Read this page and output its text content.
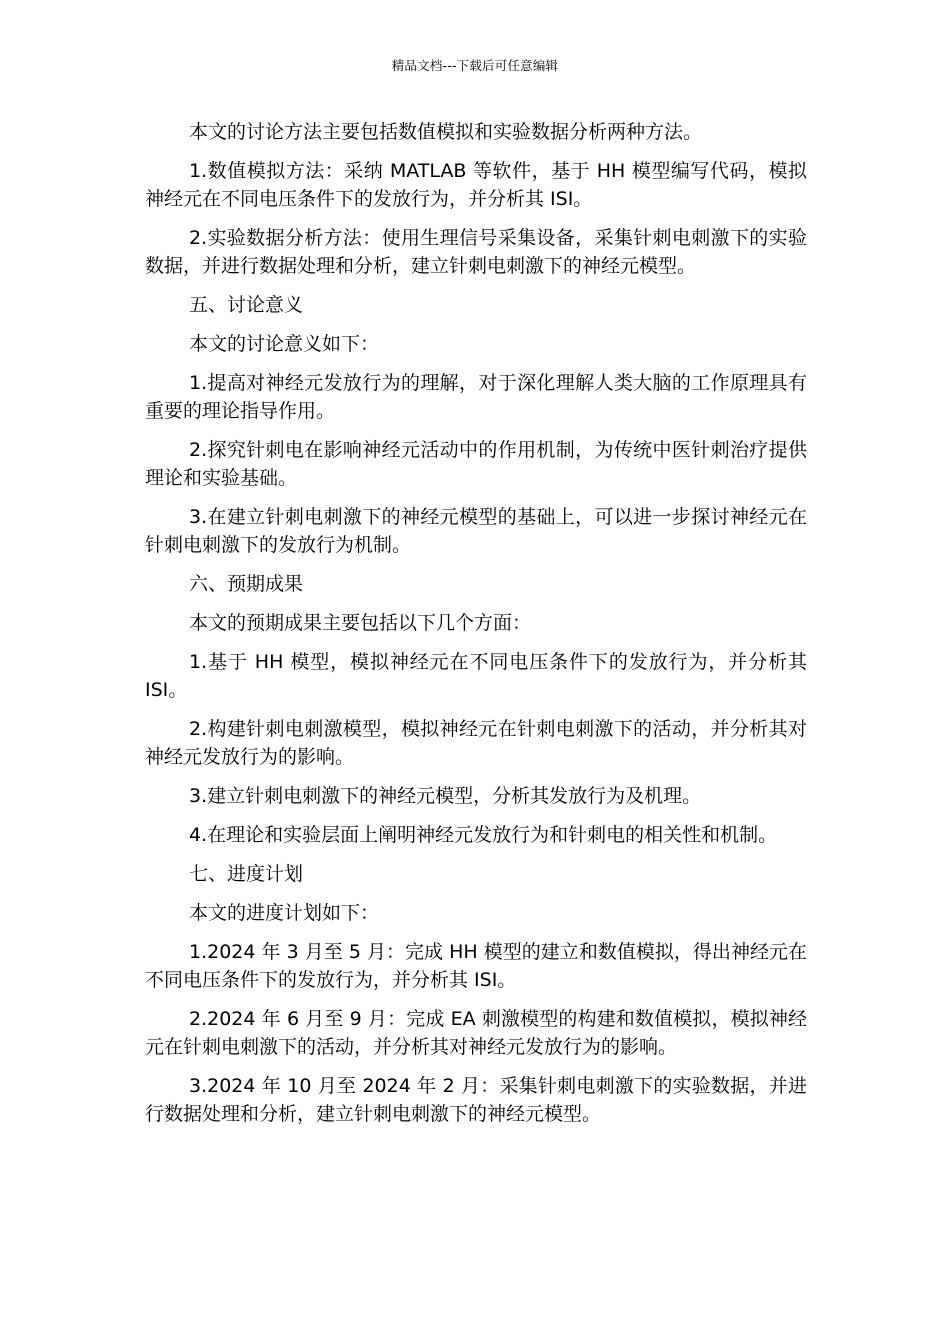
精品文档---下载后可任意编辑

本文的讨论方法主要包括数值模拟和实验数据分析两种方法。

1.数值模拟方法：采纳 MATLAB 等软件，基于 HH 模型编写代码，模拟神经元在不同电压条件下的发放行为，并分析其 ISI。

2.实验数据分析方法：使用生理信号采集设备，采集针刺电刺激下的实验数据，并进行数据处理和分析，建立针刺电刺激下的神经元模型。

五、讨论意义

本文的讨论意义如下：

1.提高对神经元发放行为的理解，对于深化理解人类大脑的工作原理具有重要的理论指导作用。

2.探究针刺电在影响神经元活动中的作用机制，为传统中医针刺治疗提供理论和实验基础。

3.在建立针刺电刺激下的神经元模型的基础上，可以进一步探讨神经元在针刺电刺激下的发放行为机制。

六、预期成果

本文的预期成果主要包括以下几个方面：

1.基于 HH 模型，模拟神经元在不同电压条件下的发放行为，并分析其 ISI。

2.构建针刺电刺激模型，模拟神经元在针刺电刺激下的活动，并分析其对神经元发放行为的影响。

3.建立针刺电刺激下的神经元模型，分析其发放行为及机理。

4.在理论和实验层面上阐明神经元发放行为和针刺电的相关性和机制。

七、进度计划

本文的进度计划如下：

1.2024 年 3 月至 5 月：完成 HH 模型的建立和数值模拟，得出神经元在不同电压条件下的发放行为，并分析其 ISI。

2.2024 年 6 月至 9 月：完成 EA 刺激模型的构建和数值模拟，模拟神经元在针刺电刺激下的活动，并分析其对神经元发放行为的影响。

3.2024 年 10 月至 2024 年 2 月：采集针刺电刺激下的实验数据，并进行数据处理和分析，建立针刺电刺激下的神经元模型。
